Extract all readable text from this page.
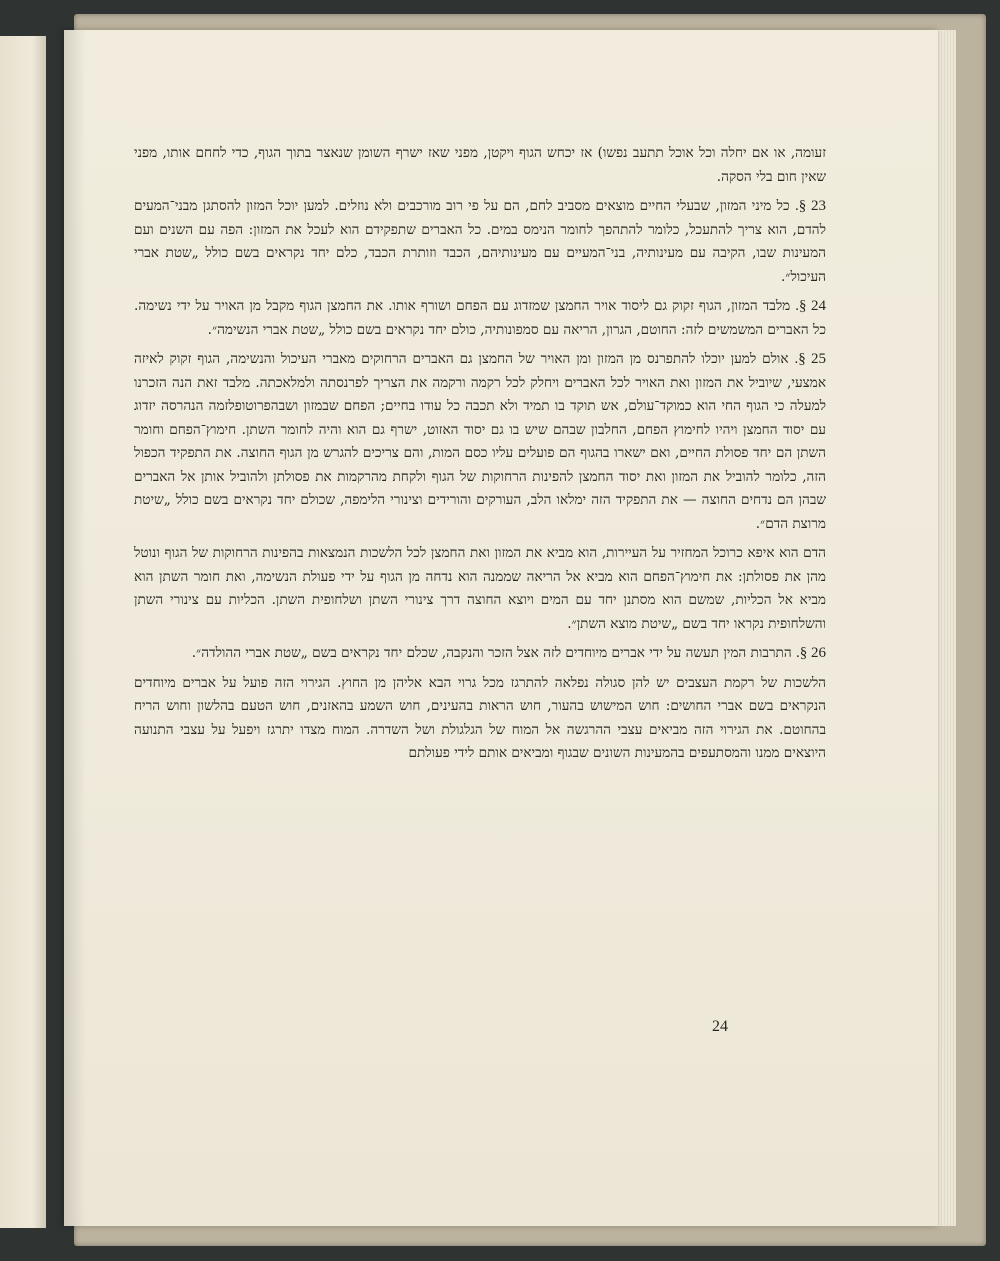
זעומה, או אם יחלה וכל אוכל תתעב נפשו) אז יכחש הגוף ויקטן, מפני שאז ישרף השומן שנאצר בתוך הגוף, כדי לחחם אותו, מפני שאין חום בלי הסקה.

23 §. כל מיני המזון, שבעלי החיים מוצאים מסביב לחם, הם על פי רוב מורכבים ולא נוזלים. למען יוכל המזון להסתגן מבני־המעים להדם, הוא צריך להתעכל, כלומר להתהפך לחומר הנימס במים. כל האברים שתפקידם הוא לעכל את המזון: הפה עם השנים ועם המעינות שבו, הקיבה עם מעינותיה, בני־המעיים עם מעינותיהם, הכבד וזותרת הכבד, כלם יחד נקראים בשם כולל „שטת אברי העיכול״.

24 §. מלבד המזון, הגוף זקוק גם ליסוד אויר החמצן שמזדוג עם הפחם ושורף אותו. את החמצן הגוף מקבל מן האויר על ידי נשימה. כל האברים המשמשים לזה: החוטם, הגרון, הריאה עם סמפונותיה, כולם יחד נקראים בשם כולל „שטת אברי הנשימה״.

25 §. אולם למען יוכלו להתפרנס מן המזון ומן האויר של החמצן גם האברים הרחוקים מאברי העיכול והנשימה, הגוף זקוק לאיזה אמצעי, שיוביל את המזון ואת האויר לכל האברים ויחלק לכל רקמה ורקמה את הצריך לפרנסתה ולמלאכתה. מלבד זאת הנה הזכרנו למעלה כי הגוף החי הוא כמוקד־עולם, אש תוקד בו תמיד ולא תכבה כל עודו בחיים; הפחם שבמזון ושבהפרוטופלזמה הנהרסה יזדוג עם יסוד החמצן ויהיו לחימוץ הפחם, החלבון שבהם שיש בו גם יסוד האזוט, ישרף גם הוא והיה לחומר השתן. חימוץ־הפחם וחומר השתן הם יחד פסולת החיים, ואם ישארו בהגוף הם פועלים עליו כסם המות, והם צריכים להגרש מן הגוף החוצה. את התפקיד הכפול הזה, כלומר להוביל את המזון ואת יסוד החמצן להפינות הרחוקות של הגוף ולקחת מהרקמות את פסולתן ולהוביל אותן אל האברים שבהן הם נדחים החוצה — את התפקיד הזה ימלאו הלב, העורקים והורידים וצינורי הלימפה, שכולם יחד נקראים בשם כולל „שיטת מרוצת הדם״.

הדם הוא איפא כרוכל המחזיר על העיירות, הוא מביא את המזון ואת החמצן לכל הלשכות הנמצאות בהפינות הרחוקות של הגוף ונוטל מהן את פסולתן: את חימוץ־הפחם הוא מביא אל הריאה שממנה הוא נדחה מן הגוף על ידי פעולת הנשימה, ואת חומר השתן הוא מביא אל הכליות, שמשם הוא מסתנן יחד עם המים ויוצא החוצה דרך צינורי השתן ושלחופית השתן. הכליות עם צינורי השתן והשלחופית נקראו יחד בשם „שיטת מוצא השתן״.

26 §. התרבות המין תעשה על ידי אברים מיוחדים לזה אצל הזכר והנקבה, שכלם יחד נקראים בשם „שטת אברי ההולדה״.

הלשכות של רקמת העצבים יש להן סגולה נפלאה להתרגז מכל גרוי הבא אליהן מן החוץ. הגירוי הזה פועל על אברים מיוחדים הנקראים בשם אברי החושים: חוש המישוש בהעור, חוש הראות בהעינים, חוש השמע בהאזנים, חוש הטעם בהלשון וחוש הריח בהחוטם. את הגירוי הזה מביאים עצבי ההרגשה אל המוח של הגלגולת ושל השדרה. המוח מצדו יתרגז ויפעל על עצבי התנועה היוצאים ממנו והמסתעפים בהמעינות השונים שבגוף ומביאים אותם לידי פעולתם

24
